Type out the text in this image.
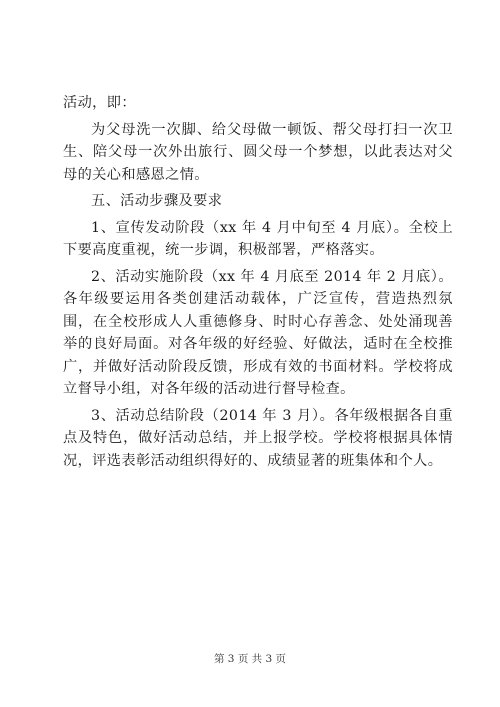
活动，即：

为父母洗一次脚、给父母做一顿饭、帮父母打扫一次卫生、陪父母一次外出旅行、圆父母一个梦想，以此表达对父母的关心和感恩之情。

五、活动步骤及要求

1、宣传发动阶段（xx 年 4 月中旬至 4 月底）。全校上下要高度重视，统一步调，积极部署，严格落实。

2、活动实施阶段（xx 年 4 月底至 2014 年 2 月底）。各年级要运用各类创建活动载体，广泛宣传，营造热烈氛围，在全校形成人人重德修身、时时心存善念、处处涌现善举的良好局面。对各年级的好经验、好做法，适时在全校推广，并做好活动阶段反馈，形成有效的书面材料。学校将成立督导小组，对各年级的活动进行督导检查。

3、活动总结阶段（2014 年 3 月）。各年级根据各自重点及特色，做好活动总结，并上报学校。学校将根据具体情况，评选表彰活动组织得好的、成绩显著的班集体和个人。

第 3 页 共 3 页
